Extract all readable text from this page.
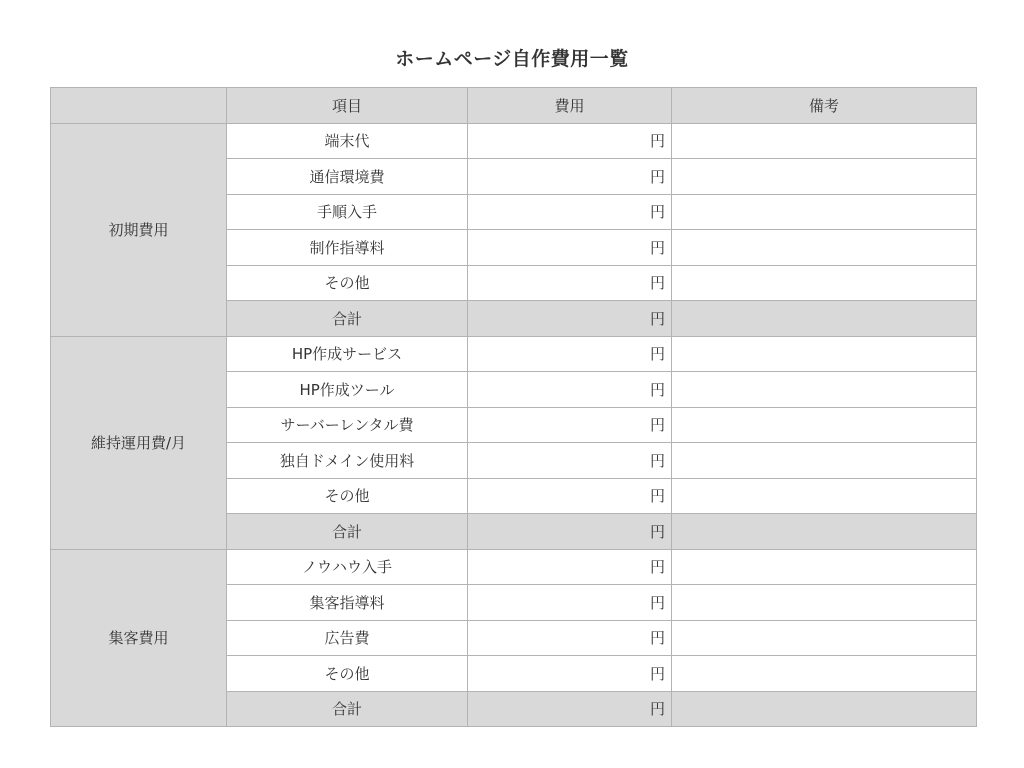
ホームページ自作費用一覧
	項目	費用	備考
初期費用	端末代	円	
	通信環境費	円	
	手順入手	円	
	制作指導料	円	
	その他	円	
	合計	円	
維持運用費/月	HP作成サービス	円	
	HP作成ツール	円	
	サーバーレンタル費	円	
	独自ドメイン使用料	円	
	その他	円	
	合計	円	
集客費用	ノウハウ入手	円	
	集客指導料	円	
	広告費	円	
	その他	円	
	合計	円	
